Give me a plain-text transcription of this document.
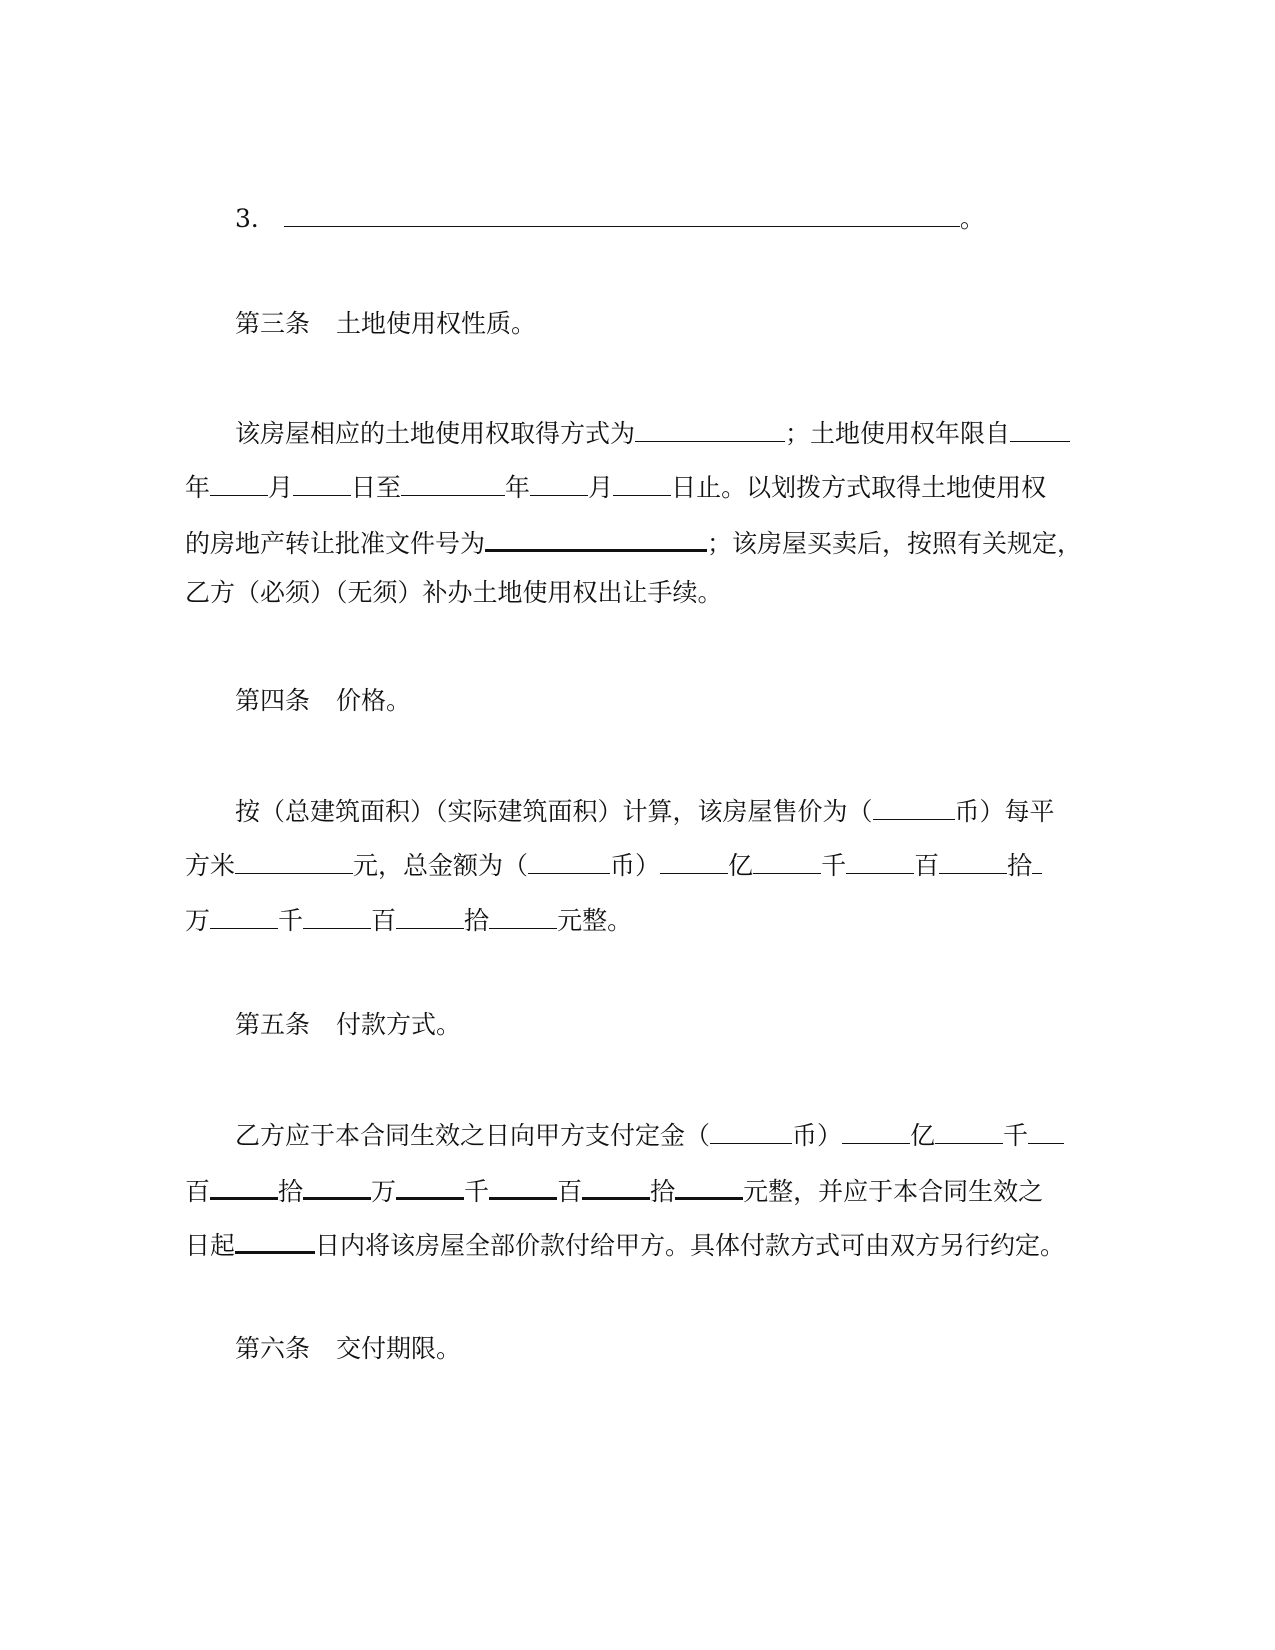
3．	。
第三条 土地使用权性质。
该房屋相应的土地使用权取得方式为	；土地使用权年限自
年 月 日至	年 月 日止。以划拨方式取得土地使用权
的房地产转让批准文件号为	；该房屋买卖后，按照有关规定，
乙方（必须）（无须）补办土地使用权出让手续。
第四条 价格。
按（总建筑面积）（实际建筑面积）计算，该房屋售价为（	币）每平
方米	元，总金额为（	币）	亿	千	百	拾
万	千	百	拾	元整。
第五条 付款方式。
乙方应于本合同生效之日向甲方支付定金（	币）	亿	千
百	拾	万	千	百	拾	元整，并应于本合同生效之
日起	日内将该房屋全部价款付给甲方。具体付款方式可由双方另行约定。
第六条 交付期限。
